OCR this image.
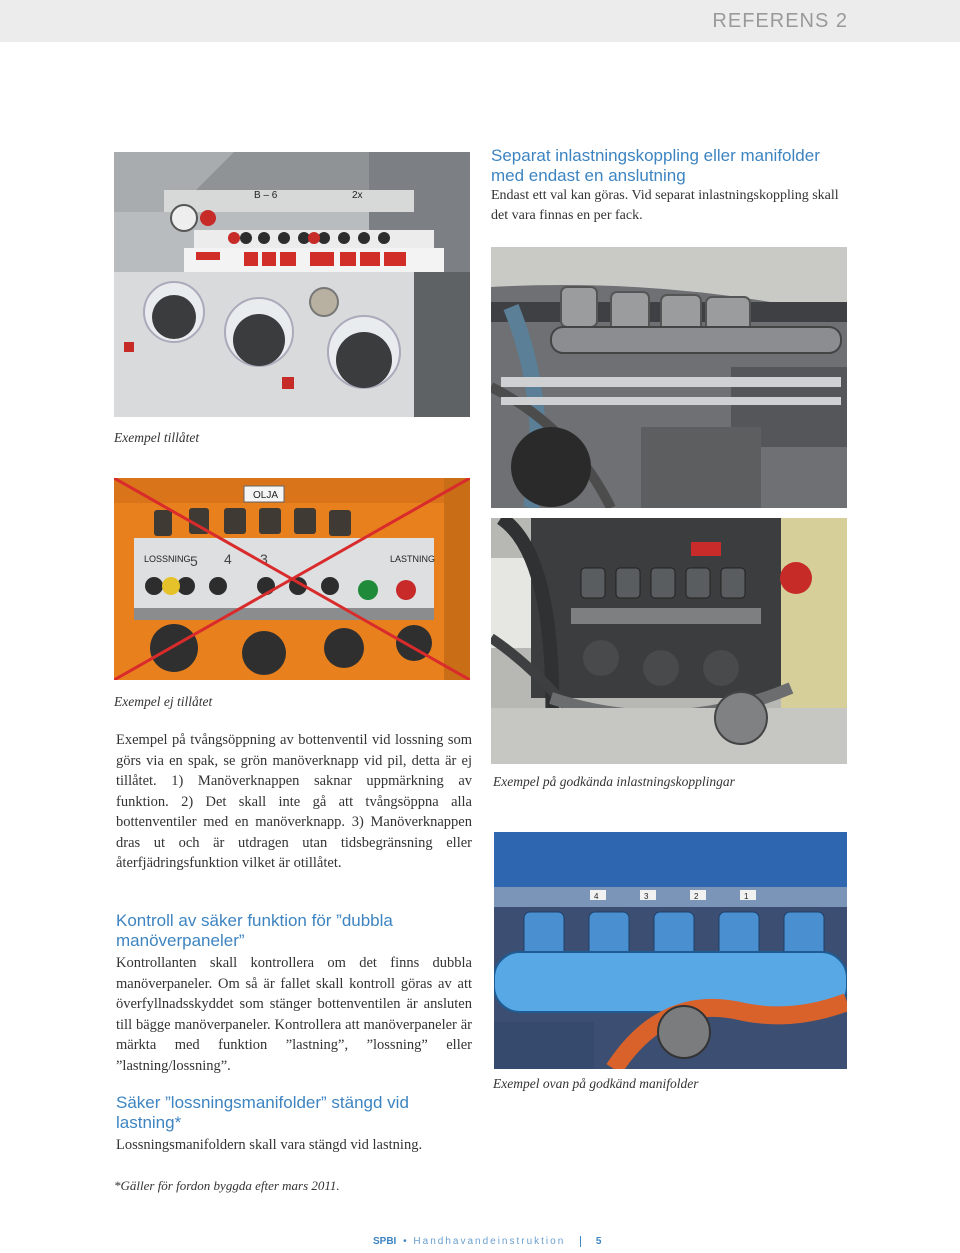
REFERENS 2
B – 6	2x
Exempel tillåtet
Separat inlastningskoppling eller manifolder med endast en anslutning

Endast ett val kan göras. Vid separat inlastningskoppling skall det vara finnas en per fack.

OLJA
LOSSNING	LASTNING
5 4 3
Exempel ej tillåtet
Exempel på godkända inlastningskopplingar

Exempel på tvångsöppning av bottenventil vid lossning som görs via en spak, se grön manöverknapp vid pil, detta är ej tillåtet. 1) Manöverknappen saknar uppmärkning av funktion. 2) Det skall inte gå att tvångsöppna alla bottenventiler med en manöverknapp. 3) Manöverknappen dras ut och är utdragen utan tidsbegränsning eller återfjädringsfunktion vilket är otillåtet.

4	3	2	1
Exempel ovan på godkänd manifolder
Kontroll av säker funktion för ”dubbla manöverpaneler”

Kontrollanten skall kontrollera om det finns dubbla manöverpaneler. Om så är fallet skall kontroll göras av att överfyllnadsskyddet som stänger bottenventilen är ansluten till bägge manöverpaneler. Kontrollera att manöverpaneler är märkta med funktion ”lastning”, ”lossning” eller ”lastning/lossning”.

Säker ”lossningsmanifolder” stängd vid lastning*

Lossningsmanifoldern skall vara stängd vid lastning.

*Gäller för fordon byggda efter mars 2011.
SPBI • Handhavandeinstruktion	5
